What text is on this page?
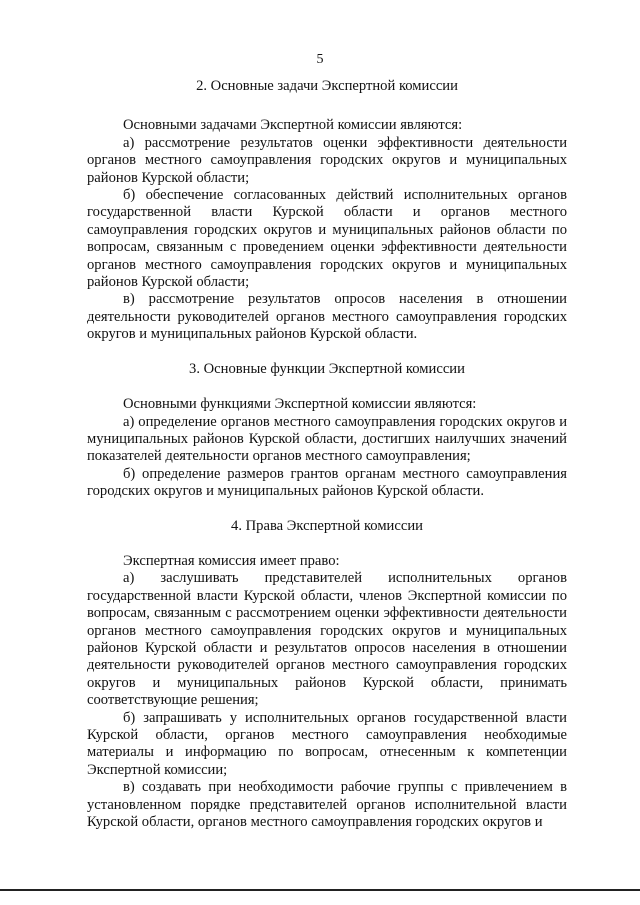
5

2. Основные задачи Экспертной комиссии

Основными задачами Экспертной комиссии являются:

а) рассмотрение результатов оценки эффективности деятельности органов местного самоуправления городских округов и муниципальных районов Курской области;

б) обеспечение согласованных действий исполнительных органов государственной власти Курской области и органов местного самоуправления городских округов и муниципальных районов области по вопросам, связанным с проведением оценки эффективности деятельности органов местного самоуправления городских округов и муниципальных районов Курской области;

в) рассмотрение результатов опросов населения в отношении деятельности руководителей органов местного самоуправления городских округов и муниципальных районов Курской области.

3. Основные функции Экспертной комиссии

Основными функциями Экспертной комиссии являются:

а) определение органов местного самоуправления городских округов и муниципальных районов Курской области, достигших наилучших значений показателей деятельности органов местного самоуправления;

б) определение размеров грантов органам местного самоуправления городских округов и муниципальных районов Курской области.

4. Права Экспертной комиссии

Экспертная комиссия имеет право:

а) заслушивать представителей исполнительных органов государственной власти Курской области, членов Экспертной комиссии по вопросам, связанным с рассмотрением оценки эффективности деятельности органов местного самоуправления городских округов и муниципальных районов Курской области и результатов опросов населения в отношении деятельности руководителей органов местного самоуправления городских округов и муниципальных районов Курской области, принимать соответствующие решения;

б) запрашивать у исполнительных органов государственной власти Курской области, органов местного самоуправления необходимые материалы и информацию по вопросам, отнесенным к компетенции Экспертной комиссии;

в) создавать при необходимости рабочие группы с привлечением в установленном порядке представителей органов исполнительной власти Курской области, органов местного самоуправления городских округов и
